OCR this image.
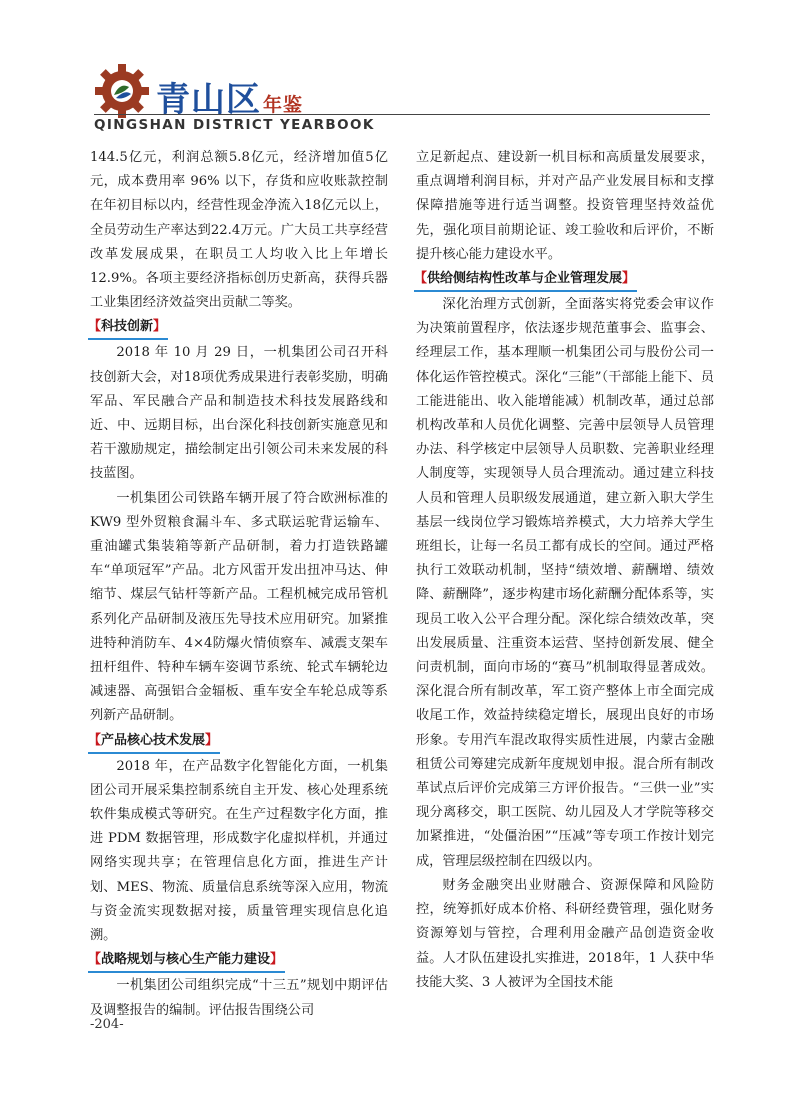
青山区 年鉴
QINGSHAN DISTRICT YEARBOOK

144.5亿元，利润总额5.8亿元，经济增加值5亿元，成本费用率 96% 以下，存货和应收账款控制在年初目标以内，经营性现金净流入18亿元以上，全员劳动生产率达到22.4万元。广大员工共享经营改革发展成果，在职员工人均收入比上年增长 12.9%。各项主要经济指标创历史新高，获得兵器工业集团经济效益突出贡献二等奖。

【科技创新】

2018 年 10 月 29 日，一机集团公司召开科技创新大会，对18项优秀成果进行表彰奖励，明确军品、军民融合产品和制造技术科技发展路线和近、中、远期目标，出台深化科技创新实施意见和若干激励规定，描绘制定出引领公司未来发展的科技蓝图。

一机集团公司铁路车辆开展了符合欧洲标准的 KW9 型外贸粮食漏斗车、多式联运驼背运输车、重油罐式集装箱等新产品研制，着力打造铁路罐车“单项冠军”产品。北方风雷开发出扭冲马达、伸缩节、煤层气钻杆等新产品。工程机械完成吊管机系列化产品研制及液压先导技术应用研究。加紧推进特种消防车、4×4防爆火情侦察车、减震支架车扭杆组件、特种车辆车姿调节系统、轮式车辆轮边减速器、高强铝合金辐板、重车安全车轮总成等系列新产品研制。

【产品核心技术发展】

2018 年，在产品数字化智能化方面，一机集团公司开展采集控制系统自主开发、核心处理系统软件集成模式等研究。在生产过程数字化方面，推进 PDM 数据管理，形成数字化虚拟样机，并通过网络实现共享；在管理信息化方面，推进生产计划、MES、物流、质量信息系统等深入应用，物流与资金流实现数据对接，质量管理实现信息化追溯。

【战略规划与核心生产能力建设】

一机集团公司组织完成“十三五”规划中期评估及调整报告的编制。评估报告围绕公司

立足新起点、建设新一机目标和高质量发展要求，重点调增利润目标，并对产品产业发展目标和支撑保障措施等进行适当调整。投资管理坚持效益优先，强化项目前期论证、竣工验收和后评价，不断提升核心能力建设水平。

【供给侧结构性改革与企业管理发展】

深化治理方式创新，全面落实将党委会审议作为决策前置程序，依法逐步规范董事会、监事会、经理层工作，基本理顺一机集团公司与股份公司一体化运作管控模式。深化“三能”（干部能上能下、员工能进能出、收入能增能减）机制改革，通过总部机构改革和人员优化调整、完善中层领导人员管理办法、科学核定中层领导人员职数、完善职业经理人制度等，实现领导人员合理流动。通过建立科技人员和管理人员职级发展通道，建立新入职大学生基层一线岗位学习锻炼培养模式，大力培养大学生班组长，让每一名员工都有成长的空间。通过严格执行工效联动机制，坚持“绩效增、薪酬增、绩效降、薪酬降”，逐步构建市场化薪酬分配体系等，实现员工收入公平合理分配。深化综合绩效改革，突出发展质量、注重资本运营、坚持创新发展、健全问责机制，面向市场的“赛马”机制取得显著成效。深化混合所有制改革，军工资产整体上市全面完成收尾工作，效益持续稳定增长，展现出良好的市场形象。专用汽车混改取得实质性进展，内蒙古金融租赁公司筹建完成新年度规划申报。混合所有制改革试点后评价完成第三方评价报告。“三供一业”实现分离移交，职工医院、幼儿园及人才学院等移交加紧推进，“处僵治困”“压减”等专项工作按计划完成，管理层级控制在四级以内。

财务金融突出业财融合、资源保障和风险防控，统筹抓好成本价格、科研经费管理，强化财务资源筹划与管控，合理利用金融产品创造资金收益。人才队伍建设扎实推进，2018年，1 人获中华技能大奖、3 人被评为全国技术能

-204-
